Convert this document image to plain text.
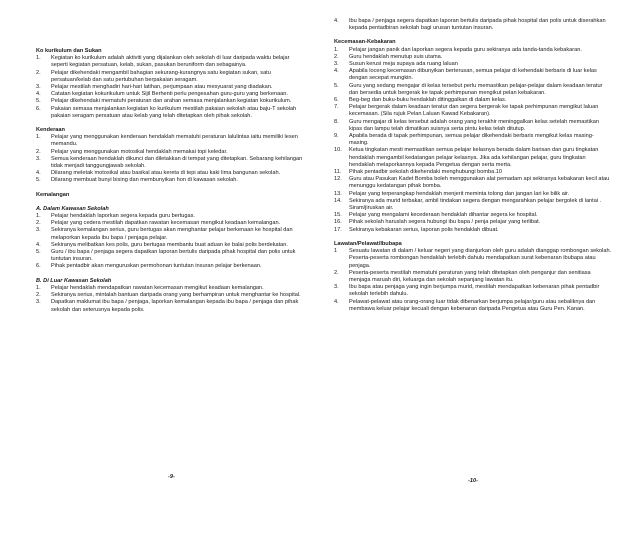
Ko kurikulum dan Sukan

1. Kegiatan ko kurikulum adalah aktiviti yang dijalankan oleh sekolah di luar daripada waktu belajar seperti kegiatan persatuan, kelab, sukan, pasukan beruniform dan sebagainya.
2. Pelajar dikehendaki mengambil bahagian sekurang-kurangnya satu kegiatan sukan, satu persatuan/kelab dan satu pertubuhan berpakaian seragam.
3. Pelajar mestilah menghadiri hari-hari latihan, perjumpaan atau mesyuarat yang diadakan.
4. Catatan kegiatan kokurikulum untuk Sijil Berhenti perlu pengesahan guru-guru yang berkenaan.
5. Pelajar dikehendaki mematuhi peraturan dan arahan semasa menjalankan kegiatan kokurikulum.
6. Pakaian semasa menjalankan kegiatan ko kurikulum mestilah pakaian sekolah atau baju-T sekolah pakaian seragam persatuan atau kelab yang telah ditetapkan oleh pihak sekolah.

Kenderaan

1. Pelajar yang menggunakan kenderaan hendaklah mematuhi peraturan lalulintas iaitu memiliki lesen memandu.
2. Pelajar yang menggunakan motosikal hendaklah memakai topi keledar.
3. Semua kenderaan hendaklah dikunci dan diletakkan di tempat yang ditetapkan. Sebarang kehilangan tidak menjadi tanggungjawab sekolah.
4. Dilarang meletak motosikal atau basikal atau kereta di tepi atau kaki lima bangunan sekolah.
5. Dilarang membuat bunyi bising dan membunyikan hon di kawasan sekolah.

Kemalangan

A. Dalam Kawasan Sekolah

1. Pelajar hendaklah laporkan segera kepada guru bertugas.
2. Pelajar yang cedera mestilah dapatkan rawatan kecemasan mengikut keadaan kemalangan.
3. Sekiranya kemalangan serius, guru bertugas akan menghantar pelajar berkenaan ke hospital dan melaporkan kepada ibu bapa / penjaga pelajar.
4. Sekiranya melibatkan kes polis, guru bertugas membantu buat aduan ke balai polis berdekatan.
5. Guru / ibu bapa / penjaga segera dapatkan laporan bertulis daripada pihak hospital dan polis untuk tuntutan insuran.
6. Pihak pentadbir akan menguruskan permohonan tuntutan insuran pelajar berkenaan.

B. Di Luar Kawasan Sekolah

1. Pelajar hendaklah mendapatkan rawatan kecemasan mengikut keadaan kemalangan.
2. Sekiranya serius, mintalah bantuan daripada orang yang berhampiran untuk menghantar ke hospital.
3. Dapatkan maklumat ibu bapa / penjaga, laporkan kemalangan kepada ibu bapa / penjaga dan pihak sekolah dan seterusnya kepada polis.
4. Ibu bapa / penjaga segera dapatkan laporan bertulis daripada pihak hospital dan polis untuk diserahkan kepada pentadbiran sekolah bagi urusan tuntutan insuran.

Kecemasan-Kebakaran

1. Pelajar jangan panik dan laporkan segera kepada guru sekiranya ada tanda-tanda kebakaran.
2. Guru hendaklah menutup suis utama.
3. Susun kerusi meja supaya ada ruang laluan
4. Apabila loceng kecemasan dibunyikan berterusan, semua pelajar di kehendaki berbaris di luar kelas dengan secepat mungkin.
5. Guru yang sedang mengajar di kelas tersebut perlu memastikan pelajar-pelajar dalam keadaan teratur dan bersedia untuk bergerak ke tapak perhimpunan mengikut pelan kebakaran.
6. Beg-beg dan buku-buku hendaklah ditinggalkan di dalam kelas.
7. Pelajar bergerak dalam keadaan teratur dan segera bergerak ke tapak perhimpunan mengikut laluan kecemasan. (Sila rujuk Pelan Laluan Kawad Kebakaran).
8. Guru mengajar di kelas tersebut adalah orang yang terakhir meninggalkan kelas setelah memastikan kipas dan lampu telah dimatikan suisnya serta pintu kelas telah ditutup.
9. Apabila berada di tapak perhimpunan, semua pelajar dikehendaki berbaris mengikut kelas masing-masing.
10. Ketua tingkatan mesti memastikan semua pelajar kelasnya berada dalam barisan dan guru tingkatan hendaklah mengambil kedatangan pelajar kelasnya. Jika ada kehilangan pelajar, guru tingkatan hendaklah melaporkannya kepada Pengetua dengan serta merta.
11. Pihak pentadbir sekolah dikehendaki menghubungi bomba.10
12. Guru atau Pasukan Kadet Bomba boleh menggunakan alat pemadam api sekiranya kebakaran kecil atau menunggu kedatangan pihak bomba.
13. Pelajar yang terperangkap hendaklah menjerit meminta tolong dan jangan lari ke bilik air.
14. Sekiranya ada murid terbakar, ambil tindakan segera dengan mengarahkan pelajar bergolek di lantai . Siram/jiruskan air.
15. Pelajar yang mengalami kecederaan hendaklah dihantar segera ke hospital.
16. Pihak sekolah haruslah segera hubungi ibu bapa / penja pelajar yang terlibat.
17. Sekiranya kebakaran serius, laporan polis hendaklah dibuat.

Lawatan/Pelawat/Ibubapa

1 Sesuatu lawatan di dalam / keluar negeri yang dianjurkan oleh guru adalah dianggap rombongan sekolah. Peserta-peserta rombongan hendaklah terlebih dahulu mendapatkan surat kebenaran ibubapa atau penjaga.
2. Peserta-peserta mestilah mematuhi peraturan yang telah ditetapkan oleh penganjur dan senitiasa menjaga maruah diri, keluarga dan sekolah sepanjang lawatan itu.
3. Ibu bapa atau penjaga yang ingin berjumpa murid, mestilah mendapatkan kebenaran pihak pentadbir sekolah terlebih dahulu.
4. Pelawat-pelawat atau orang-orang luar tidak dibenarkan berjumpa pelajar/guru atau sebaliknya dan membawa keluar pelajar kecuali dengan kebenaran daripada Pengetua atau Guru Pen. Kanan.
-9-
-10-
